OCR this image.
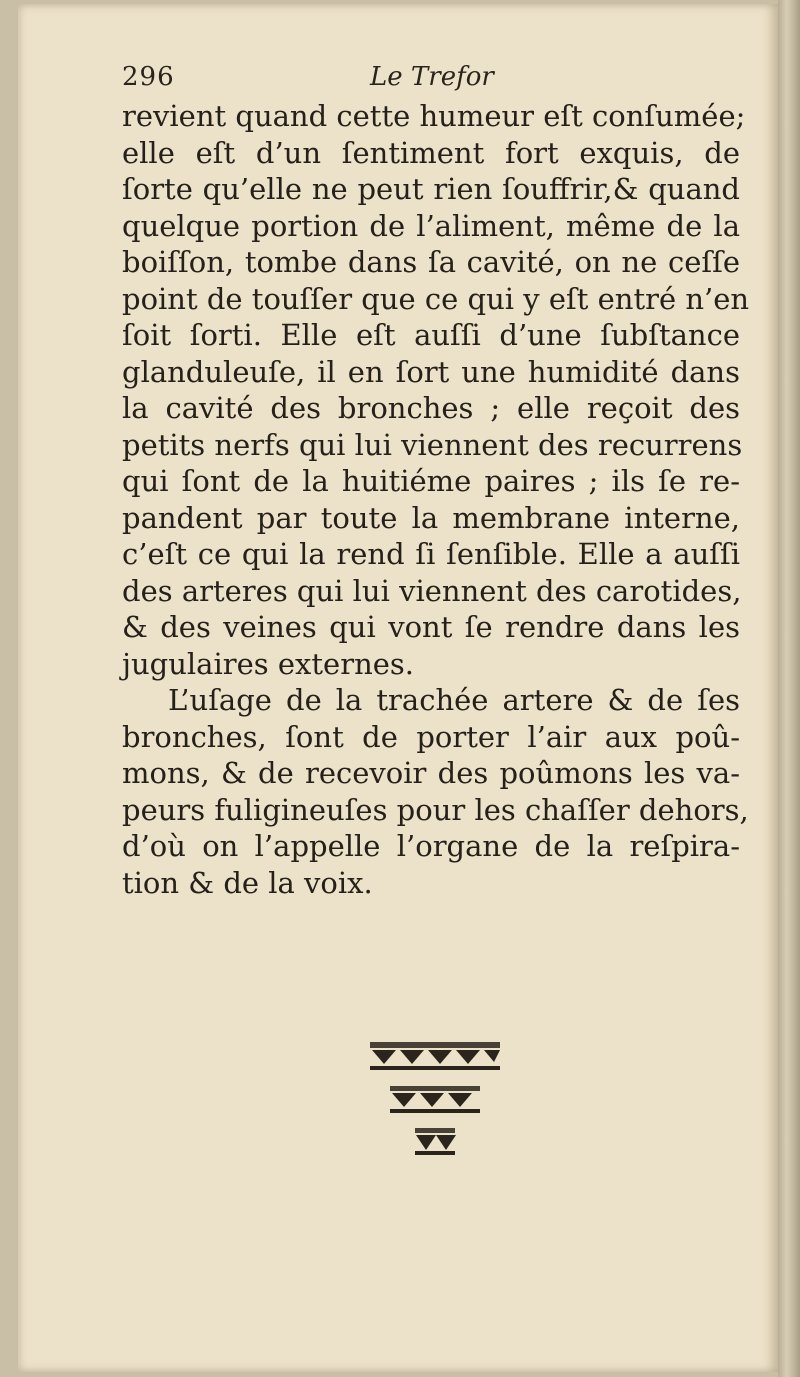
296	Le Trefor
revient quand cette humeur eſt conſumée;
elle eſt d’un ſentiment fort exquis, de
ſorte qu’elle ne peut rien ſouffrir,& quand
quelque portion de l’aliment, même de la
boiſſon, tombe dans ſa cavité, on ne ceſſe
point de touſſer que ce qui y eſt entré n’en
ſoit ſorti. Elle eſt auſſi d’une ſubſtance
glanduleuſe, il en ſort une humidité dans
la cavité des bronches ; elle reçoit des
petits nerfs qui lui viennent des recurrens
qui ſont de la huitiéme paires ; ils ſe re-
pandent par toute la membrane interne,
c’eſt ce qui la rend ſi ſenſible. Elle a auſſi
des arteres qui lui viennent des carotides,
& des veines qui vont ſe rendre dans les
jugulaires externes.
L’uſage de la trachée artere & de ſes
bronches, ſont de porter l’air aux poû-
mons, & de recevoir des poûmons les va-
peurs fuligineuſes pour les chaſſer dehors,
d’où on l’appelle l’organe de la reſpira-
tion & de la voix.
